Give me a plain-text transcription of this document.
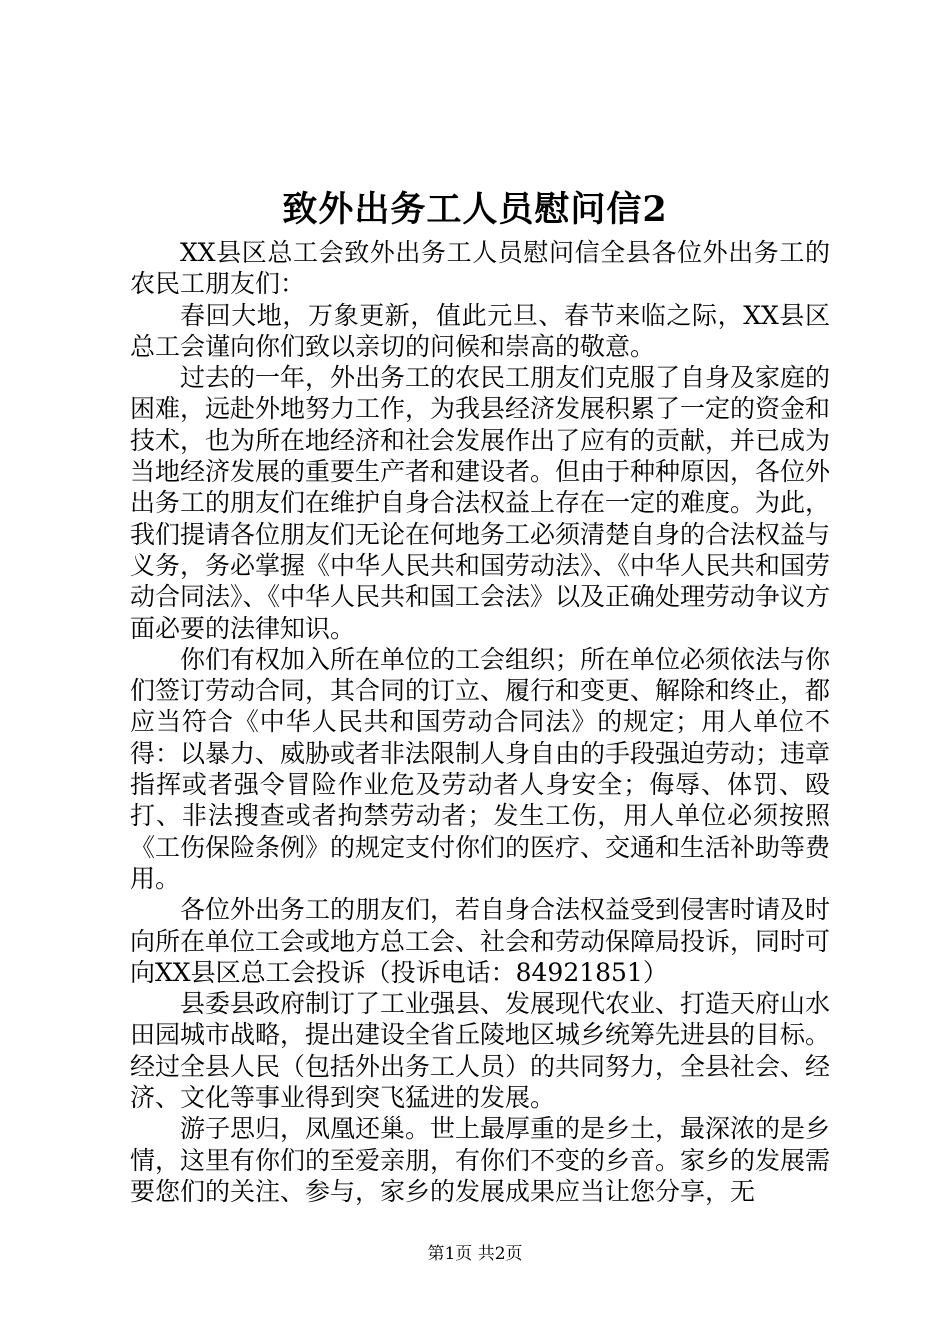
致外出务工人员慰问信2

XX县区总工会致外出务工人员慰问信全县各位外出务工的农民工朋友们：

春回大地，万象更新，值此元旦、春节来临之际，XX县区总工会谨向你们致以亲切的问候和崇高的敬意。

过去的一年，外出务工的农民工朋友们克服了自身及家庭的困难，远赴外地努力工作，为我县经济发展积累了一定的资金和技术，也为所在地经济和社会发展作出了应有的贡献，并已成为当地经济发展的重要生产者和建设者。但由于种种原因，各位外出务工的朋友们在维护自身合法权益上存在一定的难度。为此，我们提请各位朋友们无论在何地务工必须清楚自身的合法权益与义务，务必掌握《中华人民共和国劳动法》、《中华人民共和国劳动合同法》、《中华人民共和国工会法》以及正确处理劳动争议方面必要的法律知识。

你们有权加入所在单位的工会组织；所在单位必须依法与你们签订劳动合同，其合同的订立、履行和变更、解除和终止，都应当符合《中华人民共和国劳动合同法》的规定；用人单位不得：以暴力、威胁或者非法限制人身自由的手段强迫劳动；违章指挥或者强令冒险作业危及劳动者人身安全；侮辱、体罚、殴打、非法搜查或者拘禁劳动者；发生工伤，用人单位必须按照《工伤保险条例》的规定支付你们的医疗、交通和生活补助等费用。

各位外出务工的朋友们，若自身合法权益受到侵害时请及时向所在单位工会或地方总工会、社会和劳动保障局投诉，同时可向XX县区总工会投诉（投诉电话：84921851）

县委县政府制订了工业强县、发展现代农业、打造天府山水田园城市战略，提出建设全省丘陵地区城乡统筹先进县的目标。经过全县人民（包括外出务工人员）的共同努力，全县社会、经济、文化等事业得到突飞猛进的发展。

游子思归，凤凰还巢。世上最厚重的是乡土，最深浓的是乡情，这里有你们的至爱亲朋，有你们不变的乡音。家乡的发展需要您们的关注、参与，家乡的发展成果应当让您分享，无

第1页 共2页
